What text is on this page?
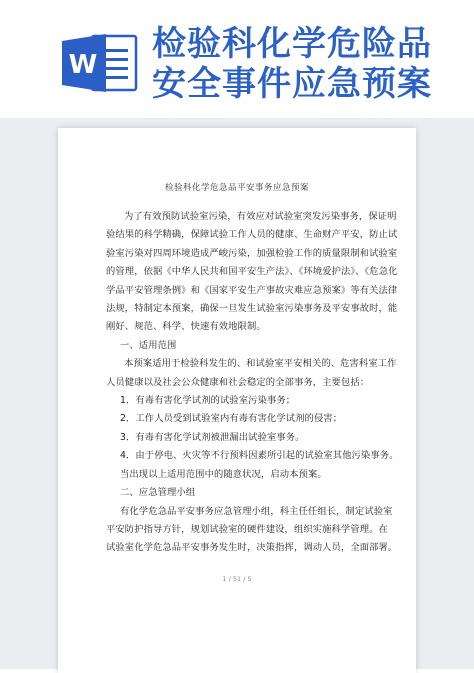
W
检验科化学危险品
安全事件应急预案
检验科化学危急品平安事务应急预案

为了有效预防试验室污染，有效应对试验室突发污染事务，保证明

验结果的科学精确，保障试验工作人员的健康、生命财产平安，防止试

验室污染对四周环境造成严峻污染，加强检验工作的质量限制和试验室

的管理，依据《中华人民共和国平安生产法》、《环境爱护法》、《危急化

学品平安管理条例》和《国家平安生产事故灾难应急预案》等有关法律

法规，特制定本预案，确保一旦发生试验室污染事务及平安事故时，能

刚好、规范、科学、快速有效地限制。

一、适用范围

本预案适用于检验科发生的、和试验室平安相关的、危害科室工作

人员健康以及社会公众健康和社会稳定的全部事务，主要包括：

1．有毒有害化学试剂的试验室污染事务；

2．工作人员受到试验室内有毒有害化学试剂的侵害；

3．有毒有害化学试剂被泄漏出试验室事务。

4．由于停电、火灾等不行预料因素所引起的试验室其他污染事务。

当出现以上适用范围中的随意状况，启动本预案。

二、应急管理小组

有化学危急品平安事务应急管理小组，科主任任组长，制定试验室

平安防护指导方针，规划试验室的硬件建设，组织实施科学管理。在

试验室化学危急品平安事务发生时，决策指挥，调动人员，全面部署。

1 / 51 / 5
